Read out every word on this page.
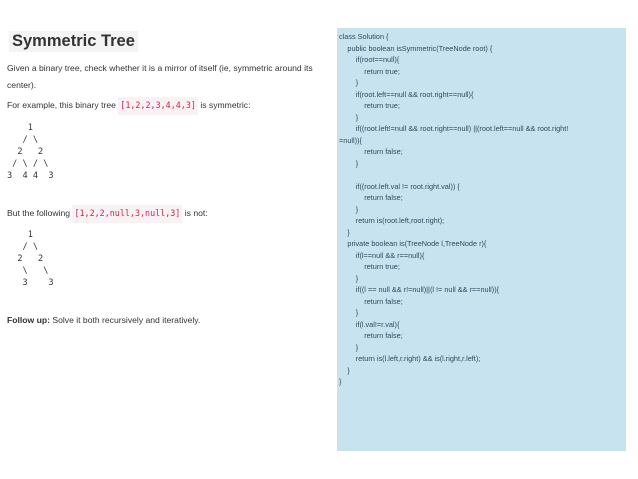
Symmetric Tree

Given a binary tree, check whether it is a mirror of itself (ie, symmetric around its center).

For example, this binary tree [1,2,2,3,4,4,3] is symmetric:

1
/ \
2   2
/ \ / \
3  4 4  3

But the following [1,2,2,null,3,null,3] is not:

1
/ \
2   2
\   \
3    3

Follow up: Solve it both recursively and iteratively.

class Solution {
public boolean isSymmetric(TreeNode root) {
if(root==null){
return true;
}
if(root.left==null && root.right==null){
return true;
}
if((root.left!=null && root.right==null) ||(root.left==null && root.right!
=null)){
return false;
}
if((root.left.val != root.right.val)) {
return false;
}
return is(root.left,root.right);
}
private boolean is(TreeNode l,TreeNode r){
if(l==null && r==null){
return true;
}
if((l == null && r!=null)||(l != null && r==null)){
return false;
}
if(l.val!=r.val){
return false;
}
return is(l.left,r.right) && is(l.right,r.left);
}
}
